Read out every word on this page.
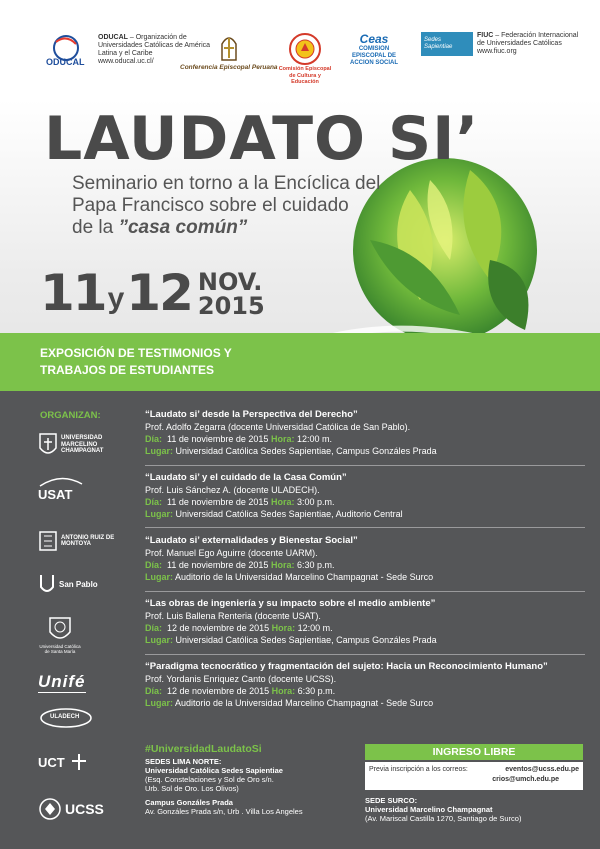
ODUCAL
ODUCAL – Organización de Universidades Católicas de América Latina y el Caribe
www.oducal.uc.cl/
Conferencia Episcopal Peruana Comisión Episcopal de Cultura y Educación
Ceas
COMISION EPISCOPAL DE ACCION SOCIAL
Sedes Sapientiae
FIUC – Federación Internacional de Universidades Católicas
www.fiuc.org
LAUDATO SI’
Seminario en torno a la Encíclica del
Papa Francisco sobre el cuidado
de la ”casa común”
11 y 12 NOV.
2015
EXPOSICIÓN DE TESTIMONIOS Y TRABAJOS DE ESTUDIANTES
ORGANIZAN:
UNIVERSIDAD MARCELINO CHAMPAGNAT
USAT
ANTONIO RUIZ DE MONTOYA
San Pablo
Universidad Católica de Santa María
Unifé
ULADECH
UCT
UCSS
“Laudato si’ desde la Perspectiva del Derecho”
Prof. Adolfo Zegarra (docente Universidad Católica de San Pablo).
Día: 11 de noviembre de 2015 Hora: 12:00 m.
Lugar: Universidad Católica Sedes Sapientiae, Campus Gonzáles Prada
“Laudato si’ y el cuidado de la Casa Común”
Prof. Luis Sánchez A. (docente ULADECH).
Día: 11 de noviembre de 2015 Hora: 3:00 p.m.
Lugar: Universidad Católica Sedes Sapientiae, Auditorio Central
“Laudato si’ externalidades y Bienestar Social”
Prof. Manuel Ego Aguirre (docente UARM).
Día: 11 de noviembre de 2015 Hora: 6:30 p.m.
Lugar: Auditorio de la Universidad Marcelino Champagnat - Sede Surco
“Las obras de ingeniería y su impacto sobre el medio ambiente”
Prof. Luis Ballena Renteria (docente USAT).
Día: 12 de noviembre de 2015 Hora: 12:00 m.
Lugar: Universidad Católica Sedes Sapientiae, Campus Gonzáles Prada
“Paradigma tecnocrático y fragmentación del sujeto: Hacia un Reconocimiento Humano”
Prof. Yordanis Enriquez Canto (docente UCSS).
Día: 12 de noviembre de 2015 Hora: 6:30 p.m.
Lugar: Auditorio de la Universidad Marcelino Champagnat - Sede Surco
#UniversidadLaudatoSi
SEDES LIMA NORTE:
Universidad Católica Sedes Sapientiae
(Esq. Constelaciones y Sol de Oro s/n.
Urb. Sol de Oro. Los Olivos)

Campus Gonzáles Prada
Av. Gonzáles Prada s/n, Urb . Villa Los Angeles
INGRESO LIBRE
Previa inscripción a los correos:	eventos@ucss.edu.pe
crios@umch.edu.pe
SEDE SURCO:
Universidad Marcelino Champagnat
(Av. Mariscal Castilla 1270, Santiago de Surco)
